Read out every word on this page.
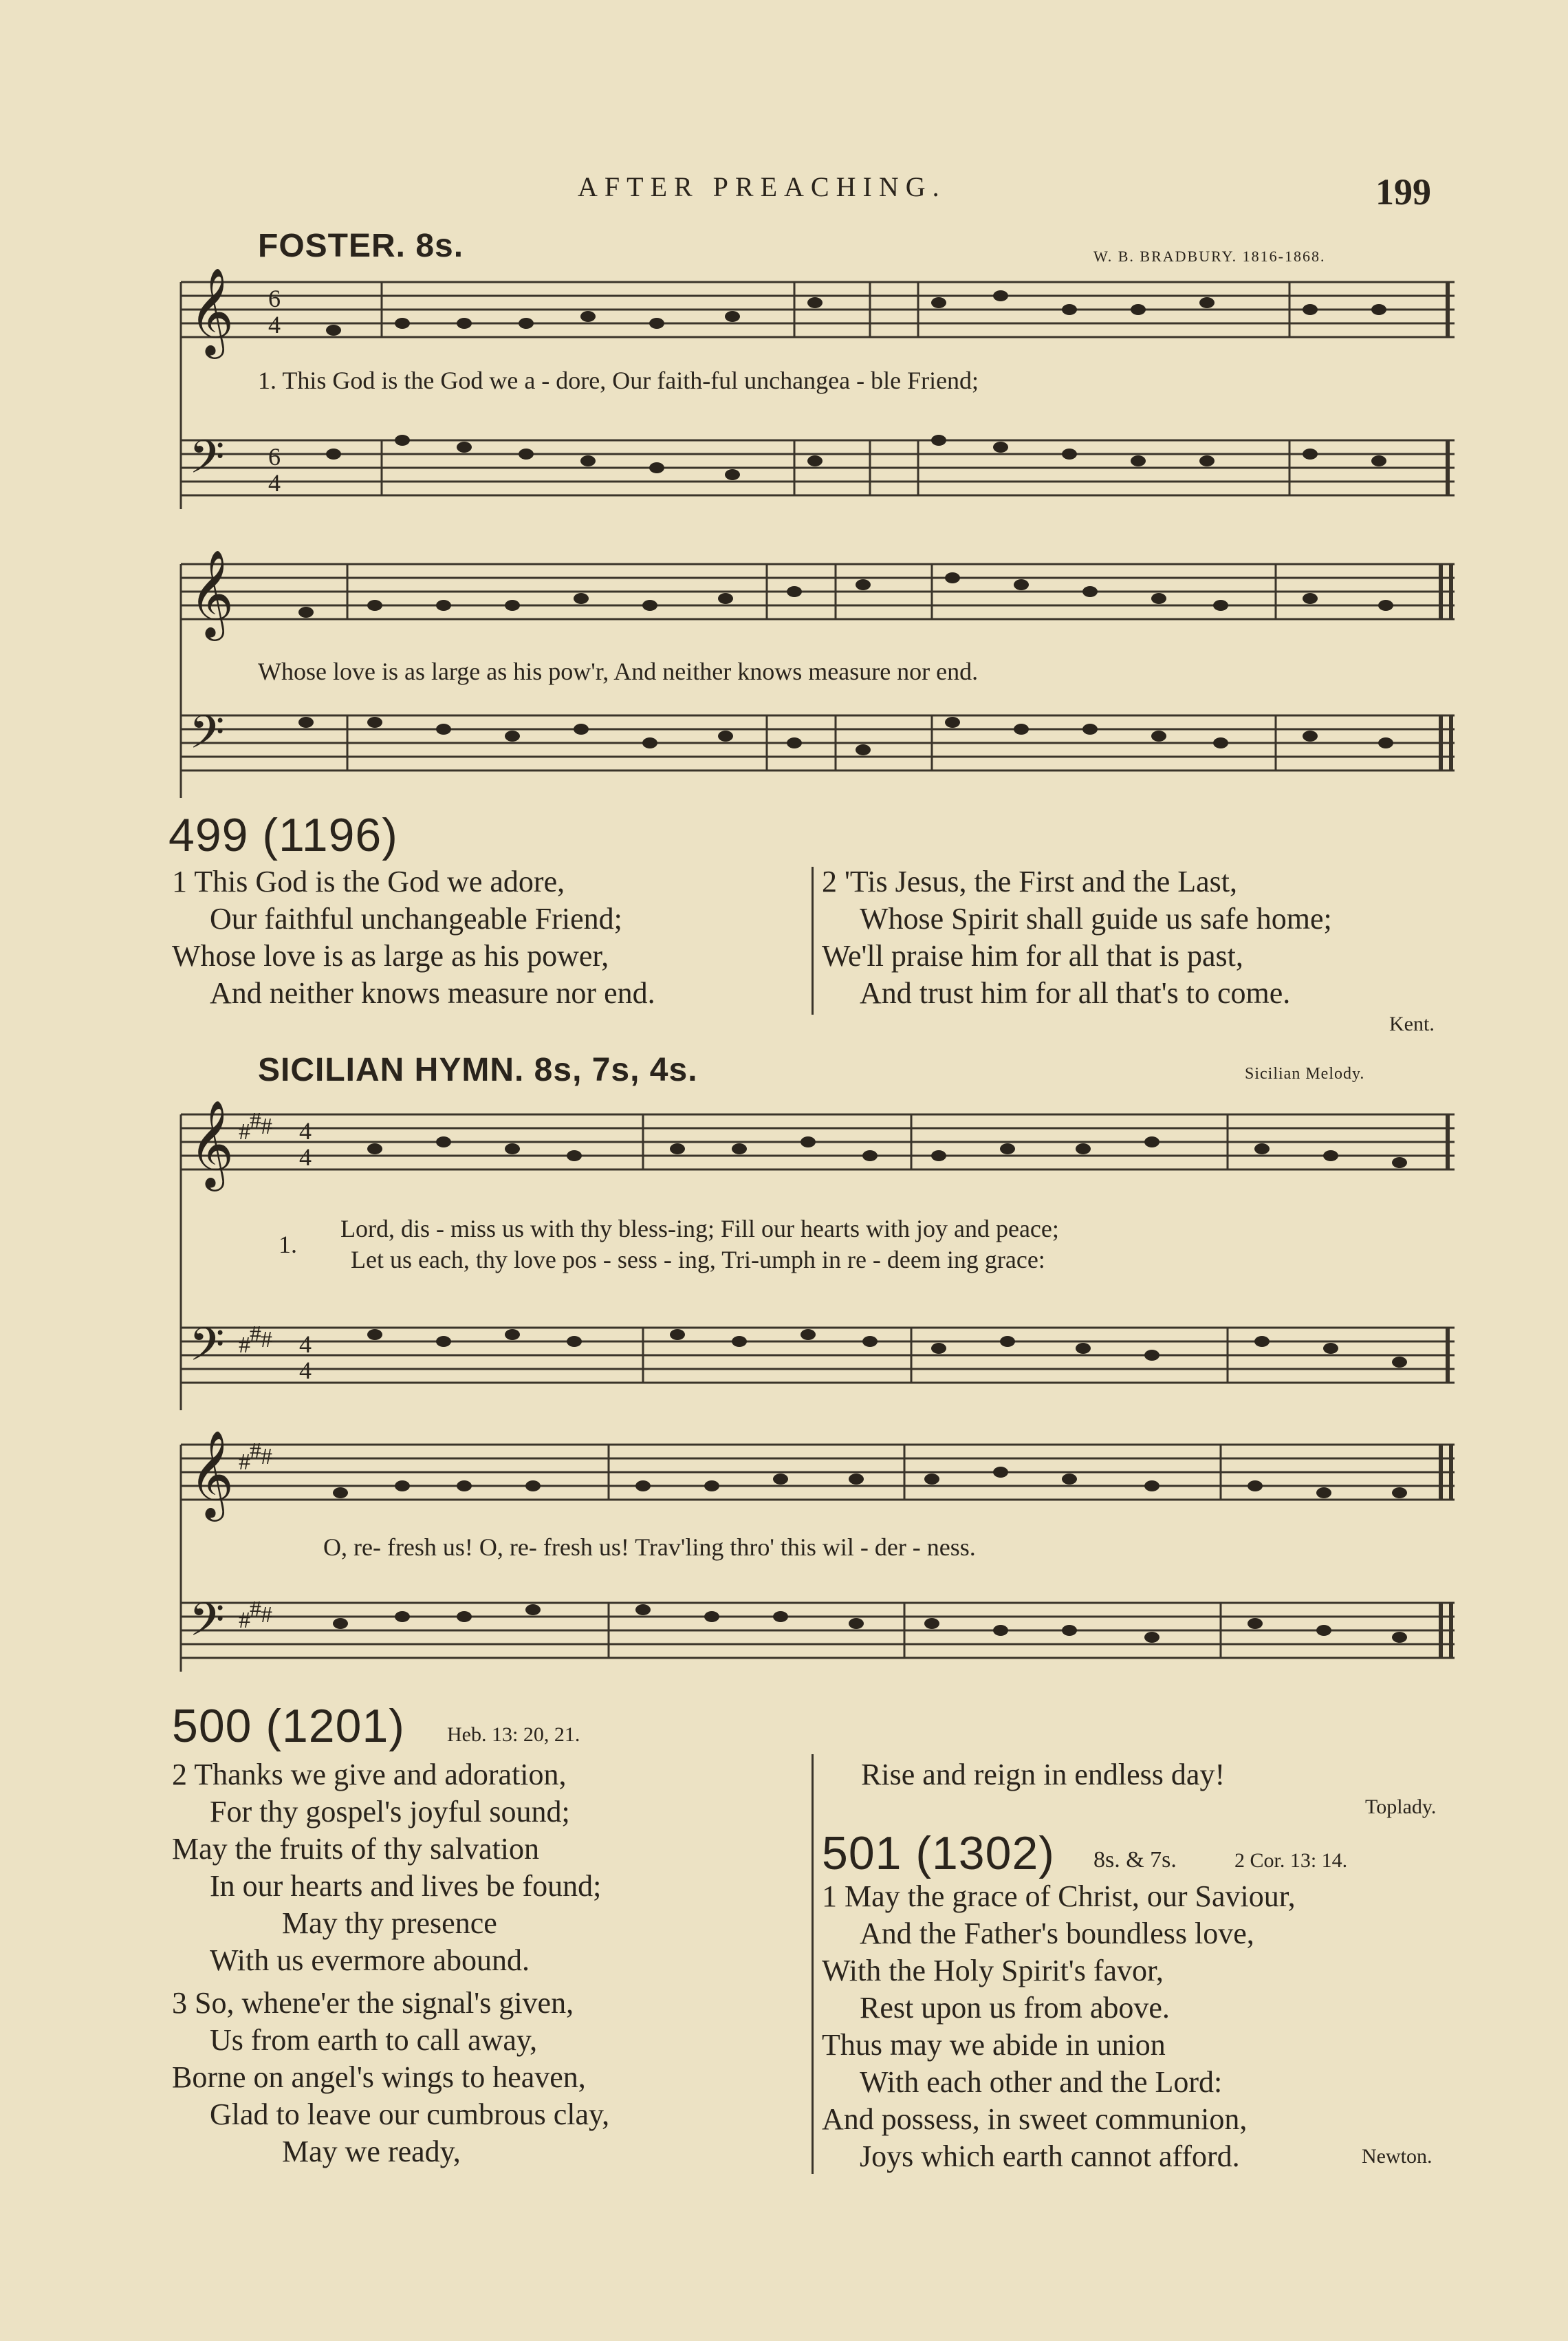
AFTER PREACHING.	199
FOSTER. 8s.	W. B. BRADBURY. 1816-1868.
𝄞
𝄢
6
4
6
4
1. This God is the God we a - dore, Our faith-ful unchangea - ble Friend;
𝄞
𝄢
Whose love is as large as his pow'r, And neither knows measure nor end.
499 (1196)
1 This God is the God we adore,
Our faithful unchangeable Friend;
Whose love is as large as his power,
And neither knows measure nor end.
2 'Tis Jesus, the First and the Last,
Whose Spirit shall guide us safe home;
We'll praise him for all that is past,
And trust him for all that's to come.
Kent.
SICILIAN HYMN. 8s, 7s, 4s.	Sicilian Melody.
𝄞
𝄢
# # #
# # #
4
4
4
4
1.
Lord, dis - miss us with thy bless-ing; Fill our hearts with joy and peace;
Let us each, thy love pos - sess - ing, Tri-umph in re - deem ing grace:
𝄞
𝄢
# # #
# # #
O, re- fresh us! O, re- fresh us! Trav'ling thro' this wil - der - ness.
500 (1201) Heb. 13: 20, 21.
2 Thanks we give and adoration,
For thy gospel's joyful sound;
May the fruits of thy salvation
In our hearts and lives be found;
May thy presence
With us evermore abound.
3 So, whene'er the signal's given,
Us from earth to call away,
Borne on angel's wings to heaven,
Glad to leave our cumbrous clay,
May we ready,
Rise and reign in endless day!
Toplady.
501 (1302) 8s. & 7s.	2 Cor. 13: 14.
1 May the grace of Christ, our Saviour,
And the Father's boundless love,
With the Holy Spirit's favor,
Rest upon us from above.
Thus may we abide in union
With each other and the Lord:
And possess, in sweet communion,
Joys which earth cannot afford.	Newton.
